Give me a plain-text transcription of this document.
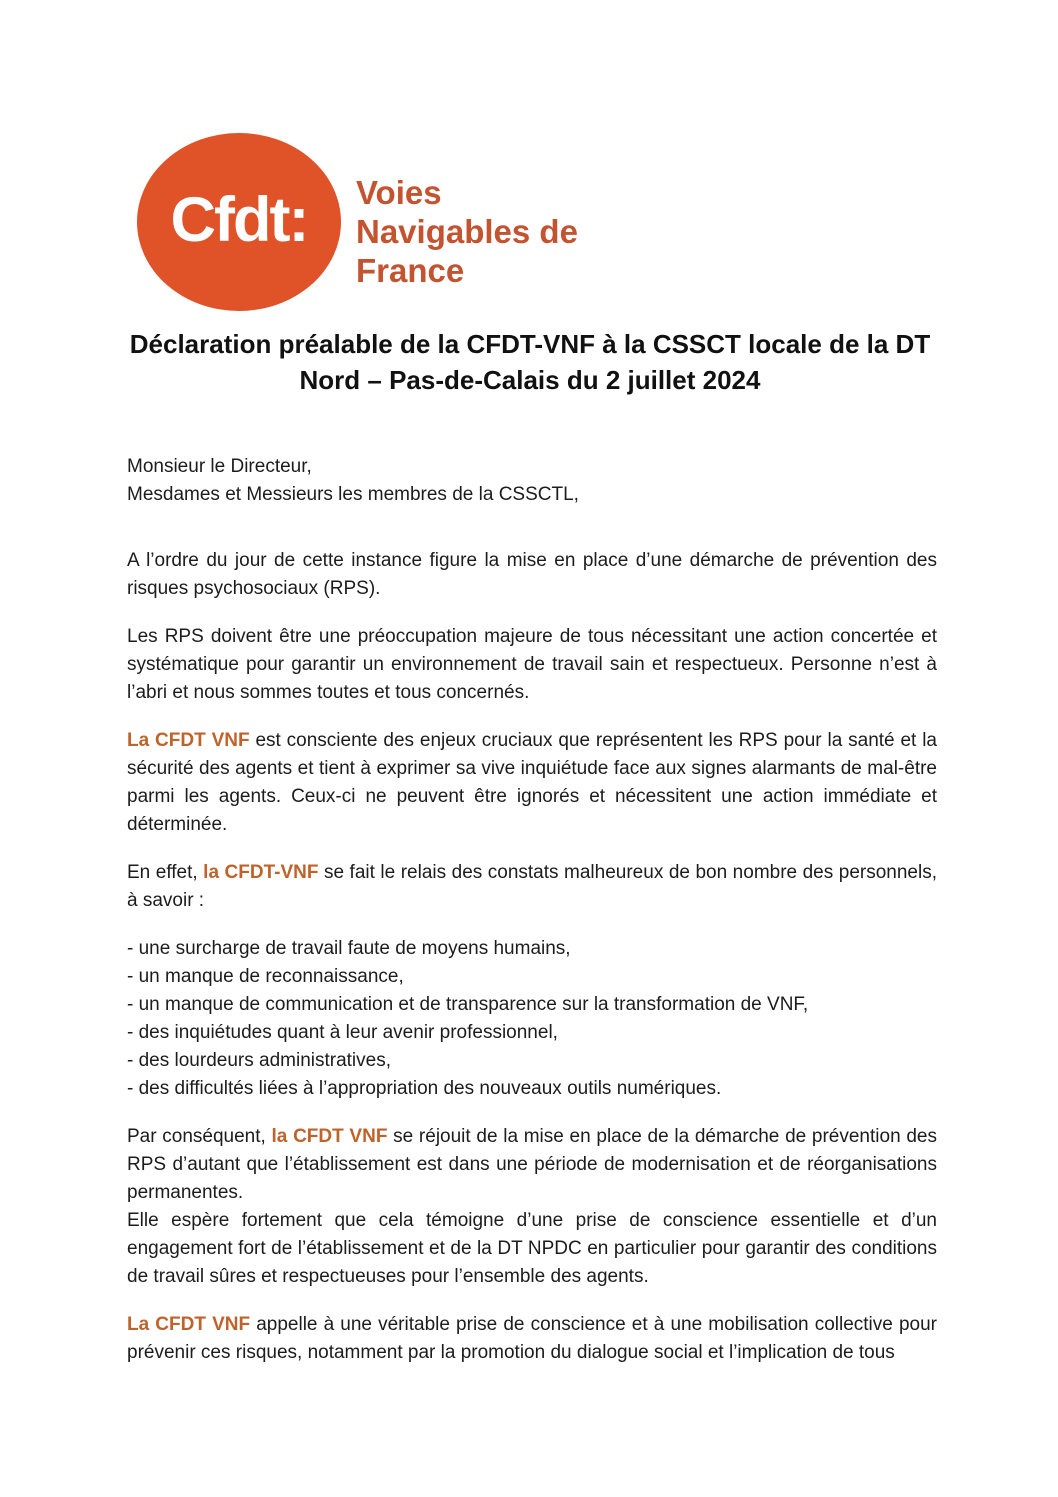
Cfdt: Voies
Navigables de
France
Déclaration préalable de la CFDT-VNF à la CSSCT locale de la DT Nord – Pas-de-Calais du 2 juillet 2024
Monsieur le Directeur,
Mesdames et Messieurs les membres de la CSSCTL,
A l’ordre du jour de cette instance figure la mise en place d’une démarche de prévention des risques psychosociaux (RPS).
Les RPS doivent être une préoccupation majeure de tous nécessitant une action concertée et systématique pour garantir un environnement de travail sain et respectueux. Personne n’est à l’abri et nous sommes toutes et tous concernés.
La CFDT VNF est consciente des enjeux cruciaux que représentent les RPS pour la santé et la sécurité des agents et tient à exprimer sa vive inquiétude face aux signes alarmants de mal-être parmi les agents. Ceux-ci ne peuvent être ignorés et nécessitent une action immédiate et déterminée.
En effet, la CFDT-VNF se fait le relais des constats malheureux de bon nombre des personnels, à savoir :
- une surcharge de travail faute de moyens humains,
- un manque de reconnaissance,
- un manque de communication et de transparence sur la transformation de VNF,
- des inquiétudes quant à leur avenir professionnel,
- des lourdeurs administratives,
- des difficultés liées à l’appropriation des nouveaux outils numériques.
Par conséquent, la CFDT VNF se réjouit de la mise en place de la démarche de prévention des RPS d’autant que l’établissement est dans une période de modernisation et de réorganisations permanentes.
Elle espère fortement que cela témoigne d’une prise de conscience essentielle et d’un engagement fort de l’établissement et de la DT NPDC en particulier pour garantir des conditions de travail sûres et respectueuses pour l’ensemble des agents.
La CFDT VNF appelle à une véritable prise de conscience et à une mobilisation collective pour prévenir ces risques, notamment par la promotion du dialogue social et l’implication de tous
